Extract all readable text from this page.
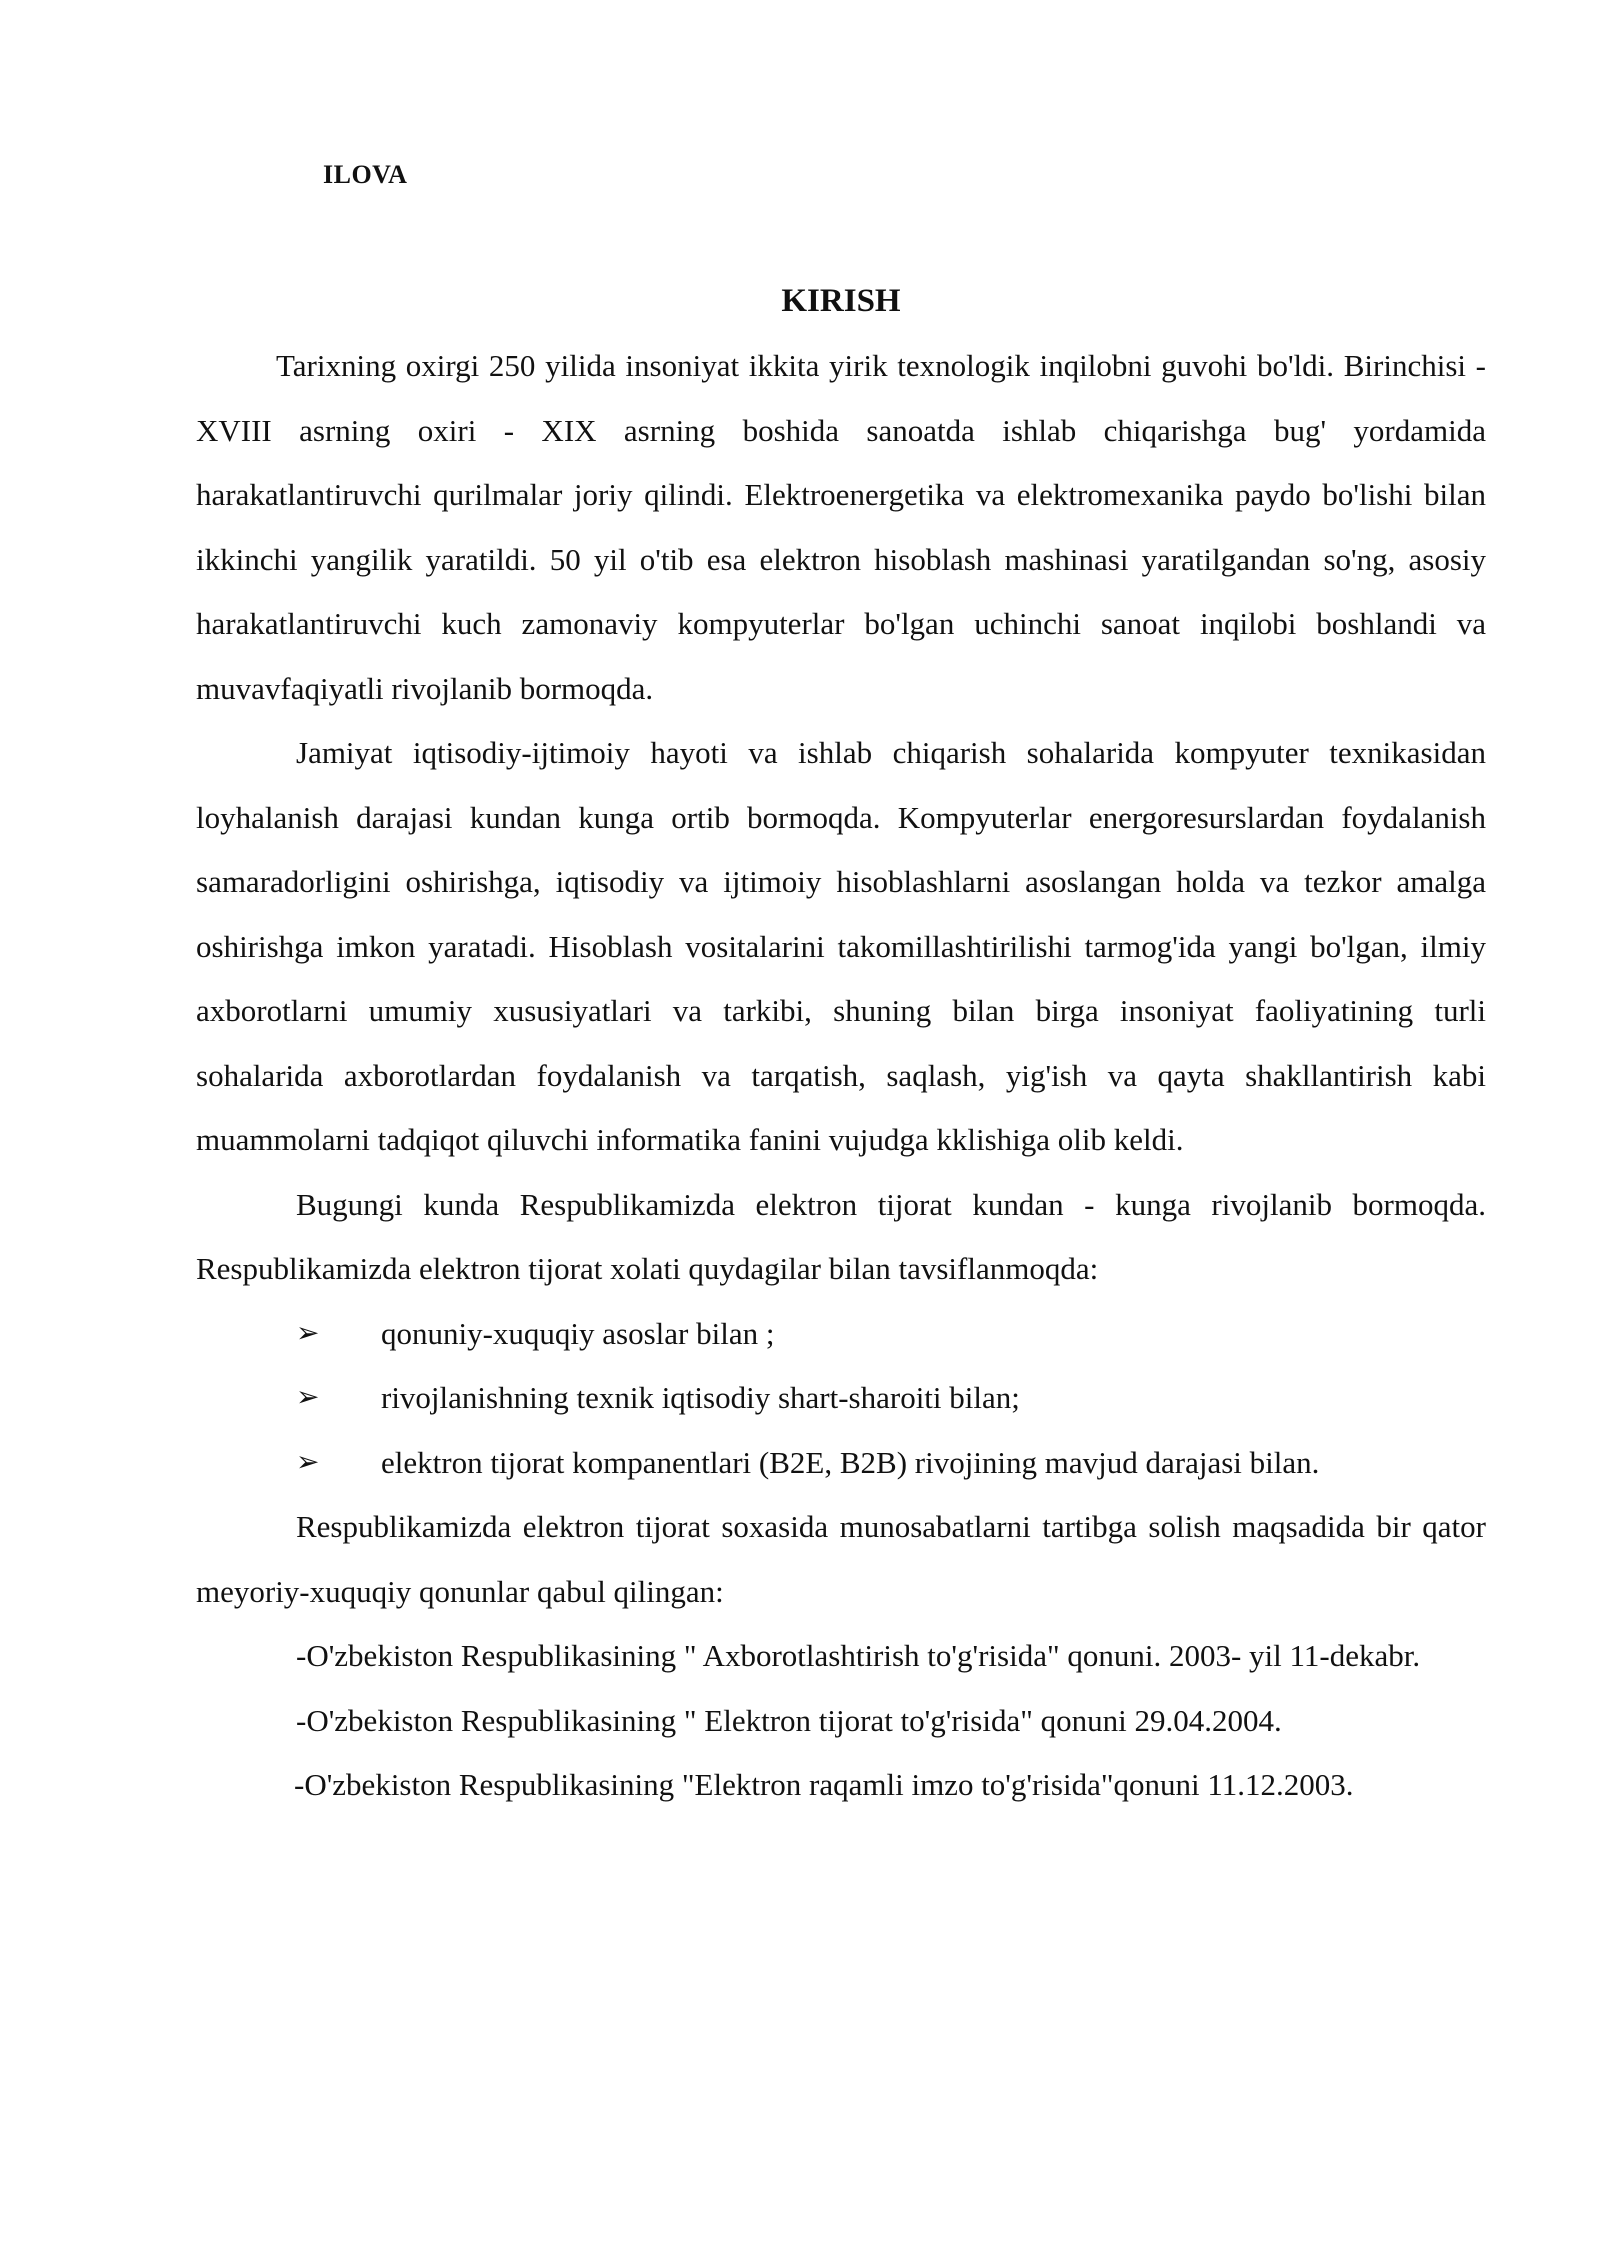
ILOVA
KIRISH

Tarixning oxirgi 250 yilida insoniyat ikkita yirik texnologik inqilobni guvohi bo'ldi. Birinchisi - XVIII asrning oxiri - XIX asrning boshida sanoatda ishlab chiqarishga bug' yordamida harakatlantiruvchi qurilmalar joriy qilindi. Elektroenergetika va elektromexanika paydo bo'lishi bilan ikkinchi yangilik yaratildi. 50 yil o'tib esa elektron hisoblash mashinasi yaratilgandan so'ng, asosiy harakatlantiruvchi kuch zamonaviy kompyuterlar bo'lgan uchinchi sanoat inqilobi boshlandi va muvavfaqiyatli rivojlanib bormoqda.

Jamiyat iqtisodiy-ijtimoiy hayoti va ishlab chiqarish sohalarida kompyuter texnikasidan loyhalanish darajasi kundan kunga ortib bormoqda. Kompyuterlar energoresurslardan foydalanish samaradorligini oshirishga, iqtisodiy va ijtimoiy hisoblashlarni asoslangan holda va tezkor amalga oshirishga imkon yaratadi. Hisoblash vositalarini takomillashtirilishi tarmog'ida yangi bo'lgan, ilmiy axborotlarni umumiy xususiyatlari va tarkibi, shuning bilan birga insoniyat faoliyatining turli sohalarida axborotlardan foydalanish va tarqatish, saqlash, yig'ish va qayta shakllantirish kabi muammolarni tadqiqot qiluvchi informatika fanini vujudga kklishiga olib keldi.

Bugungi kunda Respublikamizda elektron tijorat kundan - kunga rivojlanib bormoqda. Respublikamizda elektron tijorat xolati quydagilar bilan tavsiflanmoqda:

➢ qonuniy-xuquqiy asoslar bilan ;

➢ rivojlanishning texnik iqtisodiy shart-sharoiti bilan;

➢ elektron tijorat kompanentlari (B2E, B2B) rivojining mavjud darajasi bilan.

Respublikamizda elektron tijorat soxasida munosabatlarni tartibga solish maqsadida bir qator meyoriy-xuquqiy qonunlar qabul qilingan:

-O'zbekiston Respublikasining " Axborotlashtirish to'g'risida" qonuni. 2003- yil 11-dekabr.

-O'zbekiston Respublikasining " Elektron tijorat to'g'risida" qonuni 29.04.2004.

-O'zbekiston Respublikasining "Elektron raqamli imzo to'g'risida"qonuni 11.12.2003.
